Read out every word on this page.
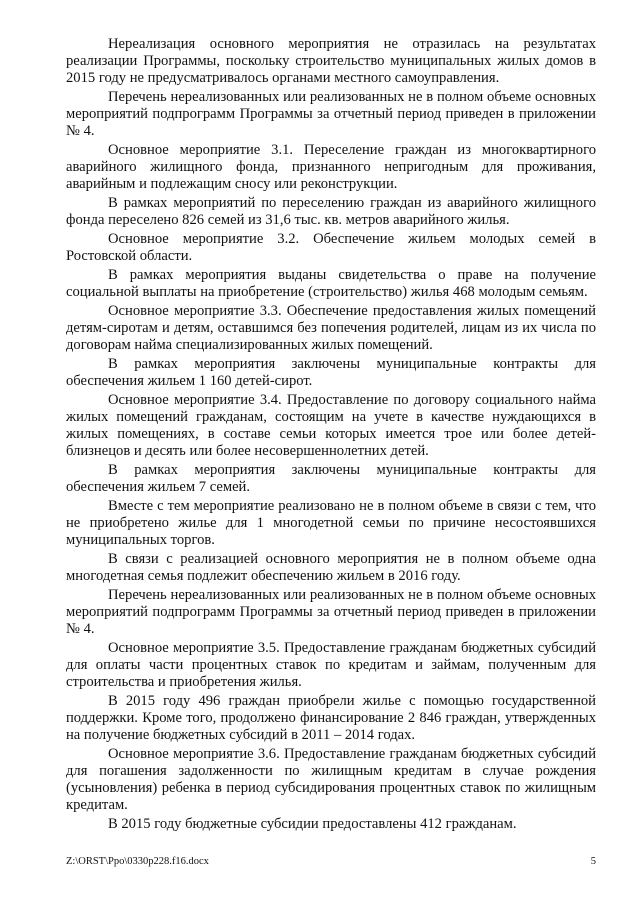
Нереализация основного мероприятия не отразилась на результатах реализации Программы, поскольку строительство муниципальных жилых домов в 2015 году не предусматривалось органами местного самоуправления.

Перечень нереализованных или реализованных не в полном объеме основных мероприятий подпрограмм Программы за отчетный период приведен в приложении № 4.

Основное мероприятие 3.1. Переселение граждан из многоквартирного аварийного жилищного фонда, признанного непригодным для проживания, аварийным и подлежащим сносу или реконструкции.

В рамках мероприятий по переселению граждан из аварийного жилищного фонда переселено 826 семей из 31,6 тыс. кв. метров аварийного жилья.

Основное мероприятие 3.2. Обеспечение жильем молодых семей в Ростовской области.

В рамках мероприятия выданы свидетельства о праве на получение социальной выплаты на приобретение (строительство) жилья 468 молодым семьям.

Основное мероприятие 3.3. Обеспечение предоставления жилых помещений детям-сиротам и детям, оставшимся без попечения родителей, лицам из их числа по договорам найма специализированных жилых помещений.

В рамках мероприятия заключены муниципальные контракты для обеспечения жильем 1 160 детей-сирот.

Основное мероприятие 3.4. Предоставление по договору социального найма жилых помещений гражданам, состоящим на учете в качестве нуждающихся в жилых помещениях, в составе семьи которых имеется трое или более детей-близнецов и десять или более несовершеннолетних детей.

В рамках мероприятия заключены муниципальные контракты для обеспечения жильем 7 семей.

Вместе с тем мероприятие реализовано не в полном объеме в связи с тем, что не приобретено жилье для 1 многодетной семьи по причине несостоявшихся муниципальных торгов.

В связи с реализацией основного мероприятия не в полном объеме одна многодетная семья подлежит обеспечению жильем в 2016 году.

Перечень нереализованных или реализованных не в полном объеме основных мероприятий подпрограмм Программы за отчетный период приведен в приложении № 4.

Основное мероприятие 3.5. Предоставление гражданам бюджетных субсидий для оплаты части процентных ставок по кредитам и займам, полученным для строительства и приобретения жилья.

В 2015 году 496 граждан приобрели жилье с помощью государственной поддержки. Кроме того, продолжено финансирование 2 846 граждан, утвержденных на получение бюджетных субсидий в 2011 – 2014 годах.

Основное мероприятие 3.6. Предоставление гражданам бюджетных субсидий для погашения задолженности по жилищным кредитам в случае рождения (усыновления) ребенка в период субсидирования процентных ставок по жилищным кредитам.

В 2015 году бюджетные субсидии предоставлены 412 гражданам.

Z:\ORST\Ppo\0330p228.f16.docx	5
